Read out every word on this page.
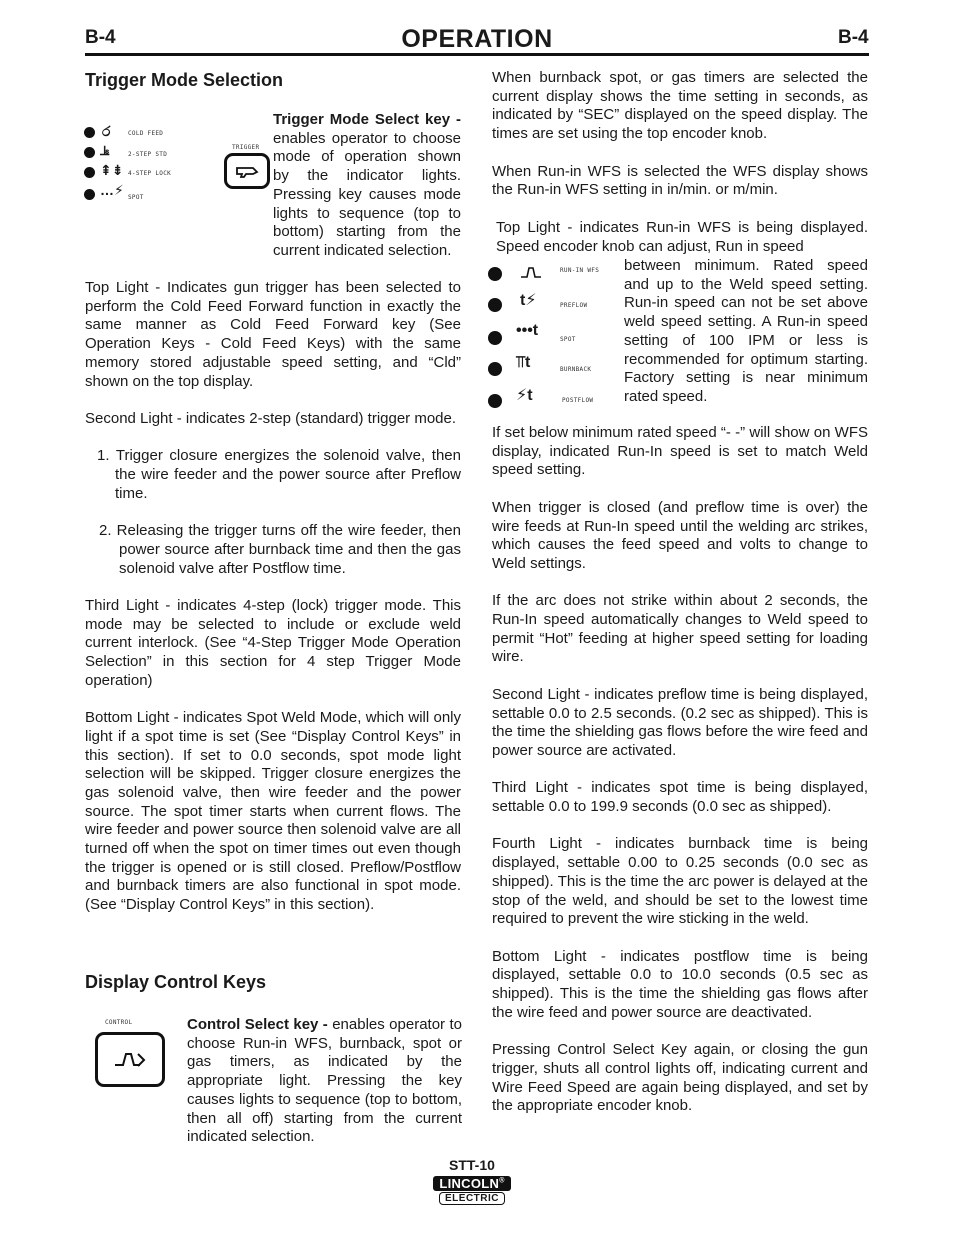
B-4	OPERATION	B-4
Trigger Mode Selection
ර	COLD FEED
⫡	2-STEP STD
⇞⇟ 4-STEP LOCK
…⚡ SPOT
TRIGGER
Trigger Mode Select key - enables operator to choose mode of operation shown by the indicator lights. Pressing key causes mode lights to sequence (top to bottom) starting from the current indicated selection.

Top Light - Indicates gun trigger has been selected to perform the Cold Feed Forward function in exactly the same manner as Cold Feed Forward key (See Operation Keys - Cold Feed Keys) with the same memory stored adjustable speed setting, and “Cld” shown on the top display.

Second Light - indicates 2-step (standard) trigger mode.

1. Trigger closure energizes the solenoid valve, then the wire feeder and the power source after Preflow time.
2. Releasing the trigger turns off the wire feeder, then power source after burnback time and then the gas solenoid valve after Postflow time.

Third Light - indicates 4-step (lock) trigger mode. This mode may be selected to include or exclude weld current interlock. (See “4-Step Trigger Mode Operation Selection” in this section for 4 step Trigger Mode operation)

Bottom Light - indicates Spot Weld Mode, which will only light if a spot time is set (See “Display Control Keys” in this section). If set to 0.0 seconds, spot mode light selection will be skipped. Trigger closure energizes the gas solenoid valve, then wire feeder and the power source. The spot timer starts when current flows. The wire feeder and power source then solenoid valve are all turned off when the spot on timer times out even though the trigger is opened or is still closed. Preflow/Postflow and burnback timers are also functional in spot mode. (See “Display Control Keys” in this section).

Display Control Keys
CONTROL	Control Select key - enables operator to choose Run-in WFS, burnback, spot or gas timers, as indicated by the appropriate light. Pressing the key causes lights to sequence (top to bottom, then all off) starting from the current indicated selection.

When burnback spot, or gas timers are selected the current display shows the time setting in seconds, as indicated by “SEC” displayed on the speed display. The times are set using the top encoder knob.

When Run-in WFS is selected the WFS display shows the Run-in WFS setting in in/min. or m/min.

Top Light - indicates Run-in WFS is being displayed. Speed encoder knob can adjust, Run in speed
RUN-IN WFS
t⚡	PREFLOW
•••t
SPOT
⫪t	BURNBACK
⚡t	POSTFLOW
between minimum. Rated speed and up to the Weld speed setting. Run-in speed can not be set above weld speed setting. A Run-in speed setting of 100 IPM or less is recommended for optimum starting. Factory setting is near minimum rated speed.

If set below minimum rated speed “- -” will show on WFS display, indicated Run-In speed is set to match Weld speed setting.

When trigger is closed (and preflow time is over) the wire feeds at Run-In speed until the welding arc strikes, which causes the feed speed and volts to change to Weld settings.

If the arc does not strike within about 2 seconds, the Run-In speed automatically changes to Weld speed to permit “Hot” feeding at higher speed setting for loading wire.

Second Light - indicates preflow time is being displayed, settable 0.0 to 2.5 seconds. (0.2 sec as shipped). This is the time the shielding gas flows before the wire feed and power source are activated.

Third Light - indicates spot time is being displayed, settable 0.0 to 199.9 seconds (0.0 sec as shipped).

Fourth Light - indicates burnback time is being displayed, settable 0.00 to 0.25 seconds (0.0 sec as shipped). This is the time the arc power is delayed at the stop of the weld, and should be set to the lowest time required to prevent the wire sticking in the weld.

Bottom Light - indicates postflow time is being displayed, settable 0.0 to 10.0 seconds (0.5 sec as shipped). This is the time the shielding gas flows after the wire feed and power source are deactivated.

Pressing Control Select Key again, or closing the gun trigger, shuts all control lights off, indicating current and Wire Feed Speed are again being displayed, and set by the appropriate encoder knob.

STT-10
LINCOLN®
ELECTRIC
